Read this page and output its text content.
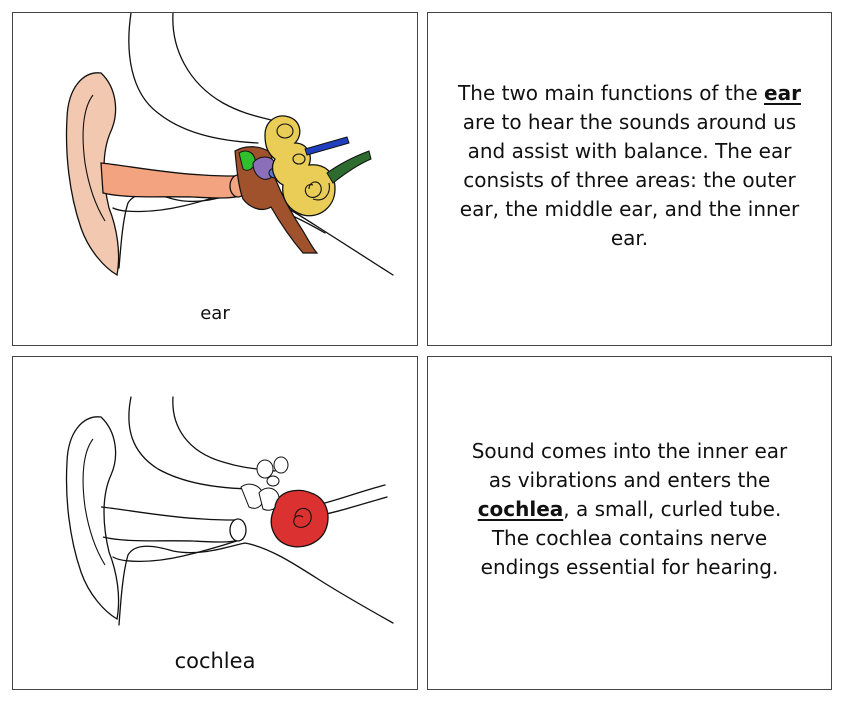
ear
The two main functions of the ear are to hear the sounds around us and assist with balance. The ear consists of three areas: the outer ear, the middle ear, and the inner ear.
cochlea
Sound comes into the inner ear as vibrations and enters the cochlea, a small, curled tube. The cochlea contains nerve endings essential for hearing.
